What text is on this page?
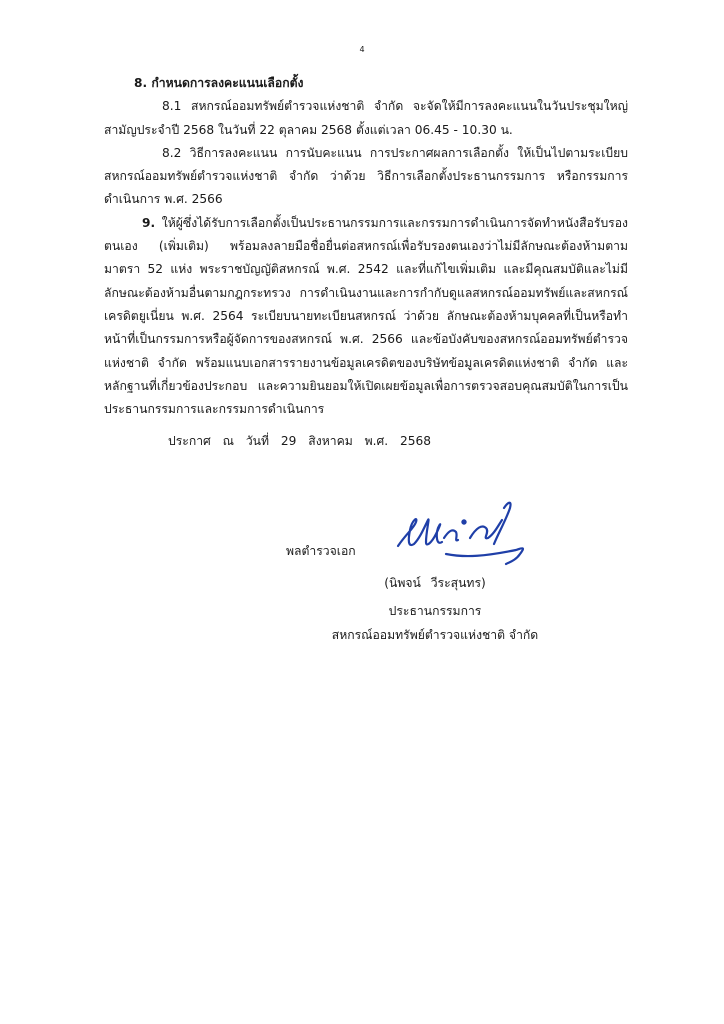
4

8. กำหนดการลงคะแนนเลือกตั้ง

8.1 สหกรณ์ออมทรัพย์ตำรวจแห่งชาติ จำกัด จะจัดให้มีการลงคะแนนในวันประชุมใหญ่สามัญประจำปี 2568 ในวันที่ 22 ตุลาคม 2568 ตั้งแต่เวลา 06.45 - 10.30 น.

8.2 วิธีการลงคะแนน การนับคะแนน การประกาศผลการเลือกตั้ง ให้เป็นไปตามระเบียบสหกรณ์ออมทรัพย์ตำรวจแห่งชาติ จำกัด ว่าด้วย วิธีการเลือกตั้งประธานกรรมการ หรือกรรมการดำเนินการ พ.ศ. 2566

9. ให้ผู้ซึ่งได้รับการเลือกตั้งเป็นประธานกรรมการและกรรมการดำเนินการจัดทำหนังสือรับรองตนเอง (เพิ่มเติม) พร้อมลงลายมือชื่อยื่นต่อสหกรณ์เพื่อรับรองตนเองว่าไม่มีลักษณะต้องห้ามตามมาตรา 52 แห่ง พระราชบัญญัติสหกรณ์ พ.ศ. 2542 และที่แก้ไขเพิ่มเติม และมีคุณสมบัติและไม่มีลักษณะต้องห้ามอื่นตามกฎกระทรวง การดำเนินงานและการกำกับดูแลสหกรณ์ออมทรัพย์และสหกรณ์เครดิตยูเนี่ยน พ.ศ. 2564 ระเบียบนายทะเบียนสหกรณ์ ว่าด้วย ลักษณะต้องห้ามบุคคลที่เป็นหรือทำหน้าที่เป็นกรรมการหรือผู้จัดการของสหกรณ์ พ.ศ. 2566 และข้อบังคับของสหกรณ์ออมทรัพย์ตำรวจแห่งชาติ จำกัด พร้อมแนบเอกสารรายงานข้อมูลเครดิตของบริษัทข้อมูลเครดิตแห่งชาติ จำกัด และหลักฐานที่เกี่ยวข้องประกอบ และความยินยอมให้เปิดเผยข้อมูลเพื่อการตรวจสอบคุณสมบัติในการเป็นประธานกรรมการและกรรมการดำเนินการ

ประกาศ ณ วันที่ 29 สิงหาคม พ.ศ. 2568

พลตำรวจเอก
(นิพจน์ วีระสุนทร)
ประธานกรรมการ
สหกรณ์ออมทรัพย์ตำรวจแห่งชาติ จำกัด
